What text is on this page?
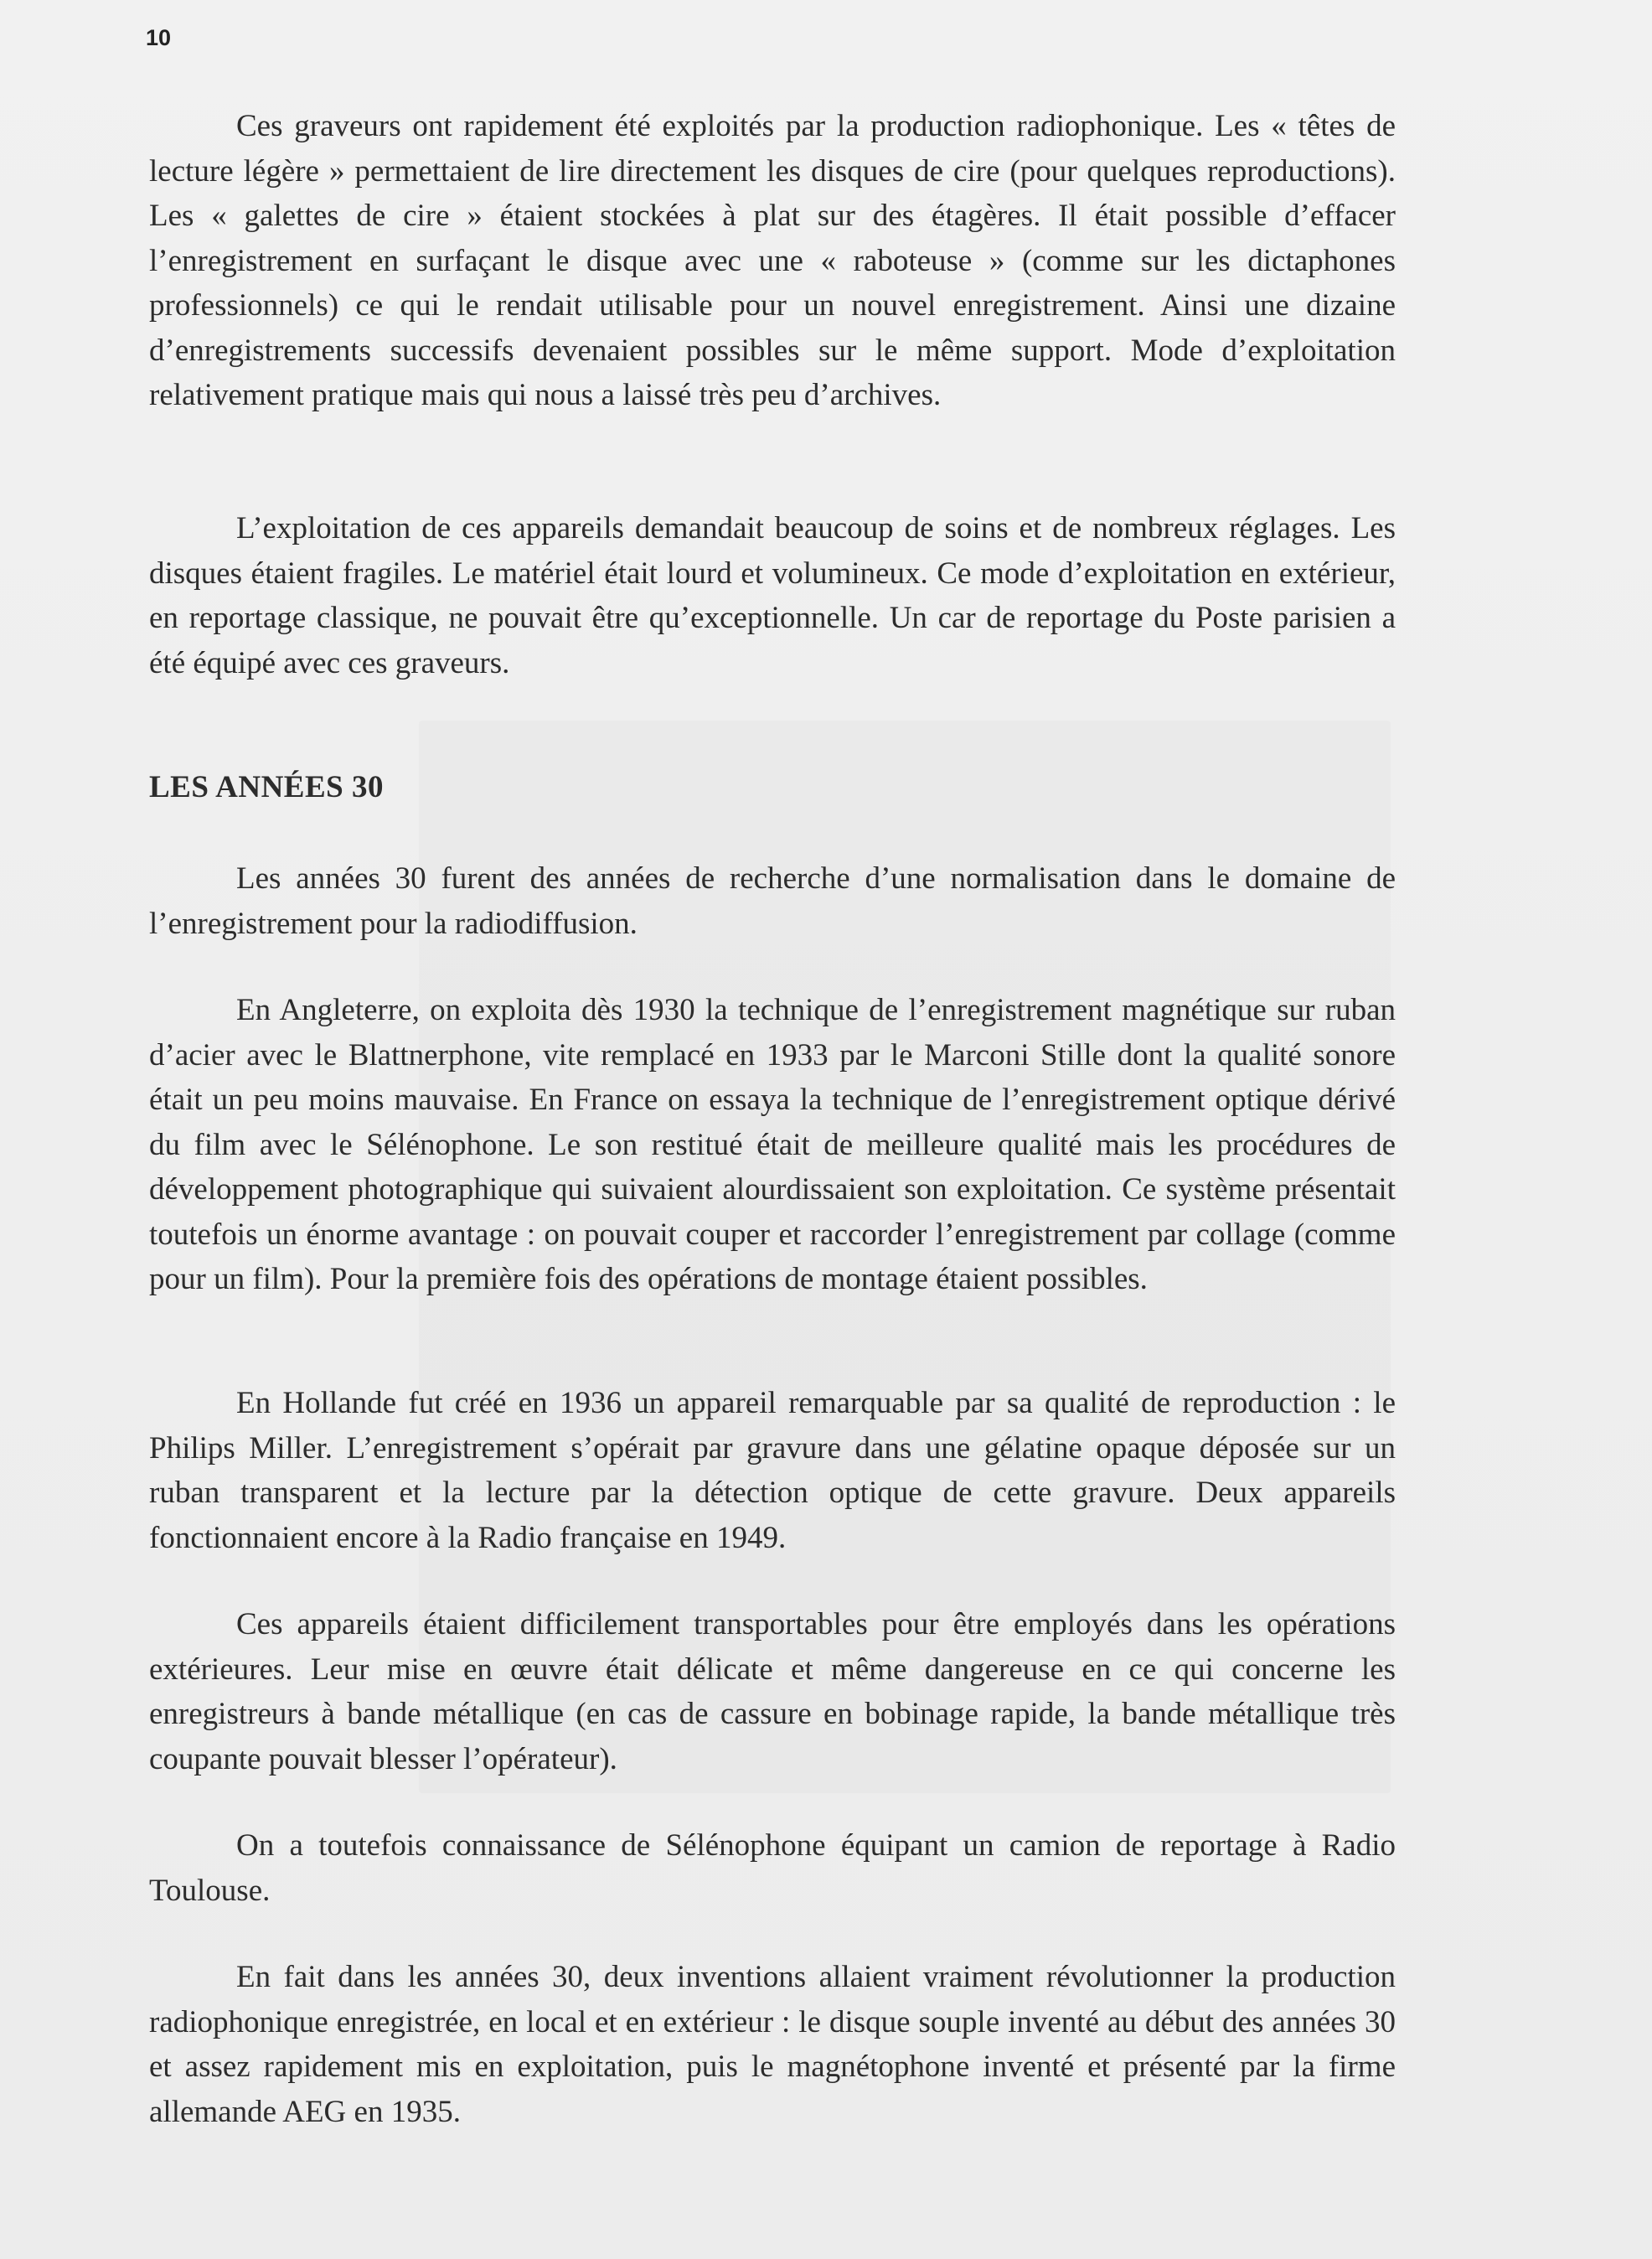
10

Ces graveurs ont rapidement été exploités par la production radiophonique. Les « têtes de lecture légère » permettaient de lire directement les disques de cire (pour quelques reproductions). Les « galettes de cire » étaient stockées à plat sur des étagères. Il était possible d’effacer l’enregistrement en surfaçant le disque avec une « raboteuse » (comme sur les dictaphones professionnels) ce qui le rendait utilisable pour un nouvel enregistrement. Ainsi une dizaine d’enregistrements successifs devenaient possibles sur le même support. Mode d’exploitation relativement pratique mais qui nous a laissé très peu d’archives.

L’exploitation de ces appareils demandait beaucoup de soins et de nombreux réglages. Les disques étaient fragiles. Le matériel était lourd et volumineux. Ce mode d’exploitation en extérieur, en reportage classique, ne pouvait être qu’exceptionnelle. Un car de reportage du Poste parisien a été équipé avec ces graveurs.

LES ANNÉES 30

Les années 30 furent des années de recherche d’une normalisation dans le domaine de l’enregistrement pour la radiodiffusion.

En Angleterre, on exploita dès 1930 la technique de l’enregistrement magnétique sur ruban d’acier avec le Blattnerphone, vite remplacé en 1933 par le Marconi Stille dont la qualité sonore était un peu moins mauvaise. En France on essaya la technique de l’enregistrement optique dérivé du film avec le Sélénophone. Le son restitué était de meilleure qualité mais les procédures de développement photographique qui suivaient alourdissaient son exploitation. Ce système présentait toutefois un énorme avantage : on pouvait couper et raccorder l’enregistrement par collage (comme pour un film). Pour la première fois des opérations de montage étaient possibles.

En Hollande fut créé en 1936 un appareil remarquable par sa qualité de reproduction : le Philips Miller. L’enregistrement s’opérait par gravure dans une gélatine opaque déposée sur un ruban transparent et la lecture par la détection optique de cette gravure. Deux appareils fonctionnaient encore à la Radio française en 1949.

Ces appareils étaient difficilement transportables pour être employés dans les opérations extérieures. Leur mise en œuvre était délicate et même dangereuse en ce qui concerne les enregistreurs à bande métallique (en cas de cassure en bobinage rapide, la bande métallique très coupante pouvait blesser l’opérateur).

On a toutefois connaissance de Sélénophone équipant un camion de reportage à Radio Toulouse.

En fait dans les années 30, deux inventions allaient vraiment révolutionner la production radiophonique enregistrée, en local et en extérieur : le disque souple inventé au début des années 30 et assez rapidement mis en exploitation, puis le magnétophone inventé et présenté par la firme allemande AEG en 1935.
